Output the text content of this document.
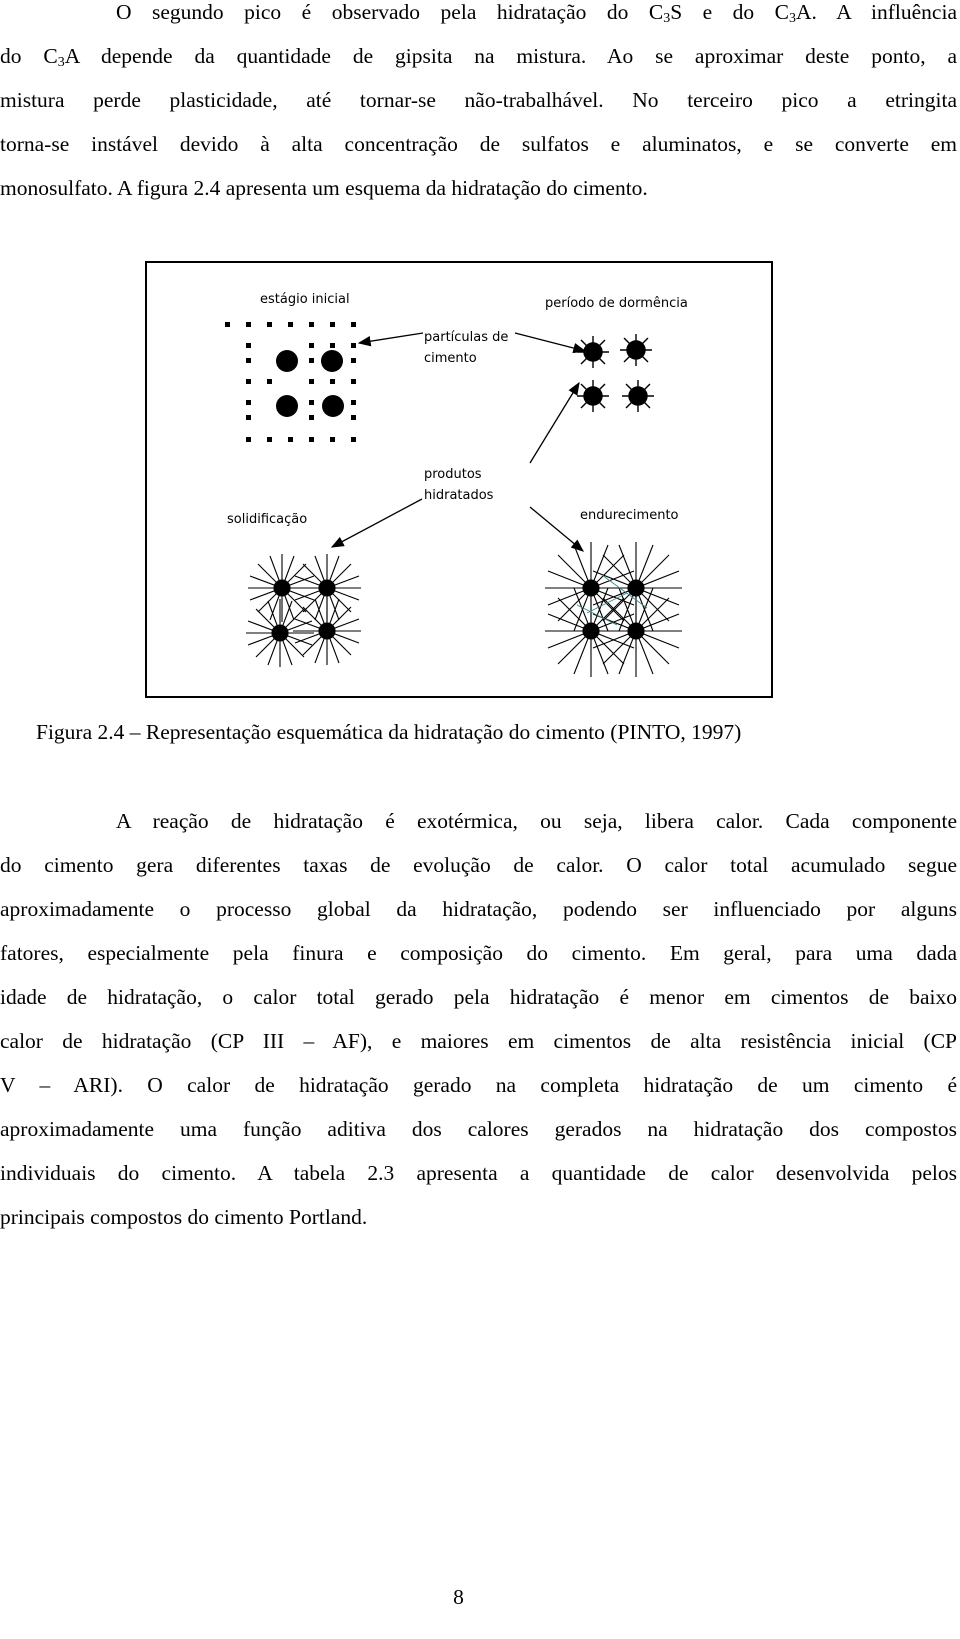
O segundo pico é observado pela hidratação do $C_3S$ e do $C_3A$. A influência
do $C_3A$ depende da quantidade de gipsita na mistura. Ao se aproximar deste ponto, a
mistura perde plasticidade, até tornar-se não-trabalhável. No terceiro pico a etringita
torna-se instável devido à alta concentração de sulfatos e aluminatos, e se converte em
monosulfato. A figura 2.4 apresenta um esquema da hidratação do cimento.
estágio inicial	período de dormência
partículas de
cimento
produtos
hidratados
solidificação	endurecimento
Figura 2.4 – Representação esquemática da hidratação do cimento (PINTO, 1997)
A reação de hidratação é exotérmica, ou seja, libera calor. Cada componente
do cimento gera diferentes taxas de evolução de calor. O calor total acumulado segue
aproximadamente o processo global da hidratação, podendo ser influenciado por alguns
fatores, especialmente pela finura e composição do cimento. Em geral, para uma dada
idade de hidratação, o calor total gerado pela hidratação é menor em cimentos de baixo
calor de hidratação (CP III – AF), e maiores em cimentos de alta resistência inicial (CP
V – ARI). O calor de hidratação gerado na completa hidratação de um cimento é
aproximadamente uma função aditiva dos calores gerados na hidratação dos compostos
individuais do cimento. A tabela 2.3 apresenta a quantidade de calor desenvolvida pelos
principais compostos do cimento Portland.
8
